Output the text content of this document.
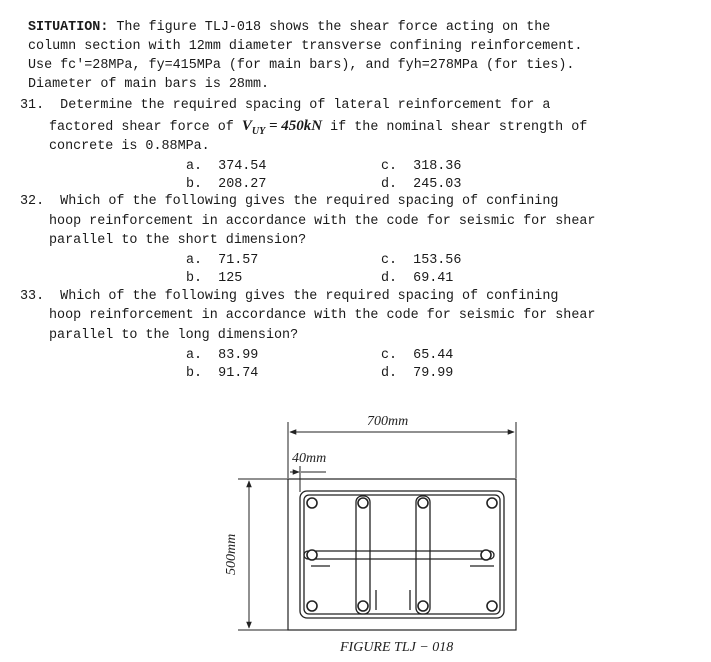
SITUATION: The figure TLJ-018 shows the shear force acting on the
column section with 12mm diameter transverse confining reinforcement.
Use fc'=28MPa, fy=415MPa (for main bars), and fyh=278MPa (for ties).
Diameter of main bars is 28mm.
31.  Determine the required spacing of lateral reinforcement for a
factored shear force of $V_{UY} = 450kN$ if the nominal shear strength of
concrete is 0.88MPa.
a. 374.54	c. 318.36
b. 208.27	d. 245.03
32.  Which of the following gives the required spacing of confining
hoop reinforcement in accordance with the code for seismic for shear
parallel to the short dimension?
a. 71.57	c. 153.56
b. 125	d. 69.41
33.  Which of the following gives the required spacing of confining
hoop reinforcement in accordance with the code for seismic for shear
parallel to the long dimension?
a. 83.99	c. 65.44
b. 91.74	d. 79.99
700mm
40mm
500mm
FIGURE TLJ − 018
